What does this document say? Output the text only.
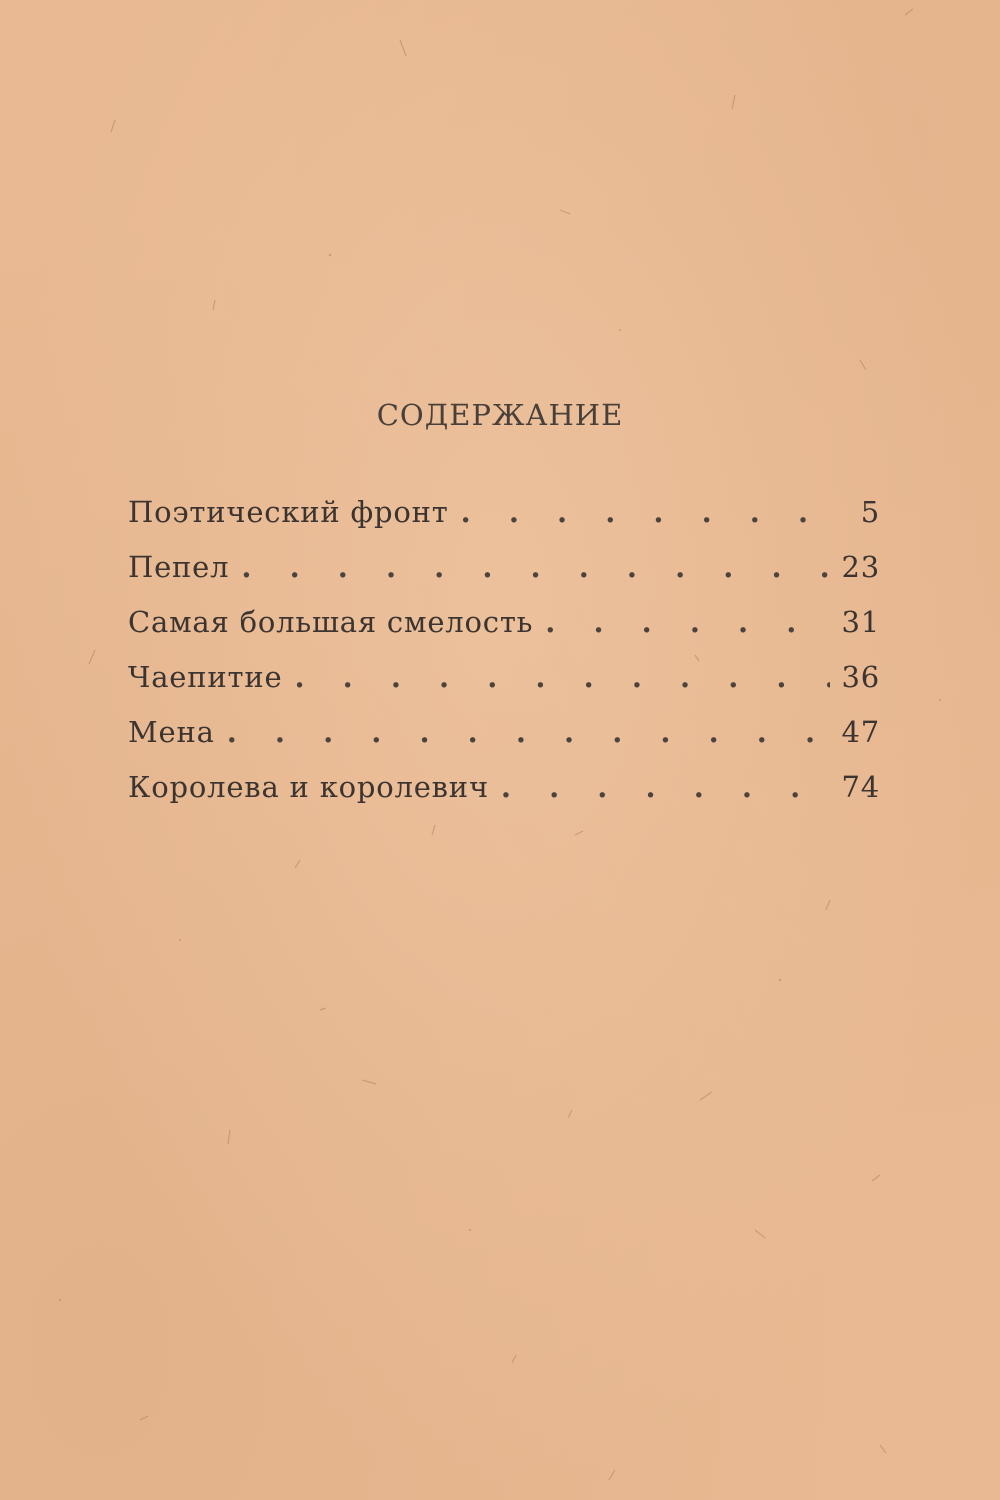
СОДЕРЖАНИЕ
Поэтический фронт . . .	5
Пепел . . .	23
Самая большая смелость . . .	31
Чаепитие . . .	36
Мена . . .	47
Королева и королевич . . .	74
